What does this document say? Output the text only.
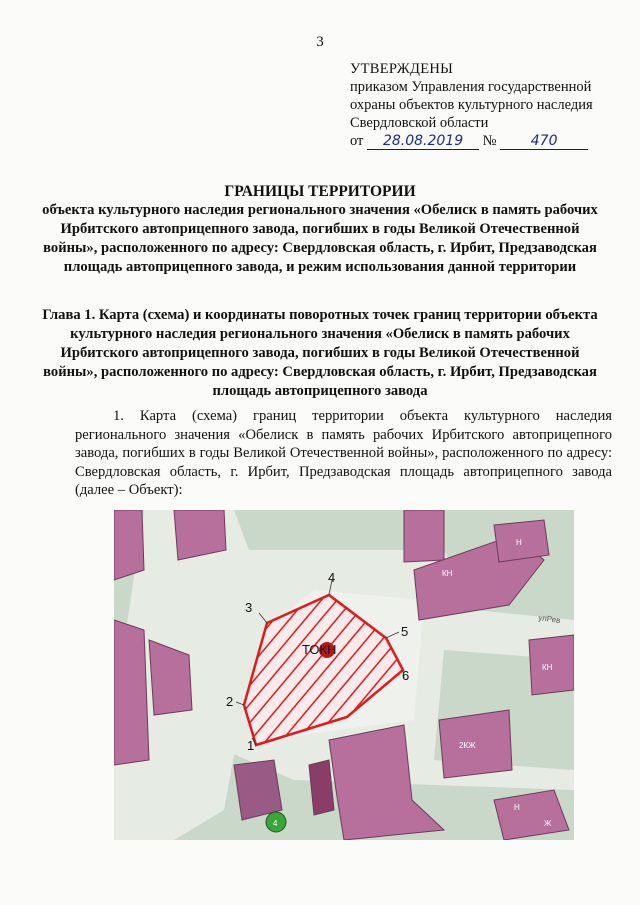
3
УТВЕРЖДЕНЫ
приказом Управления государственной
охраны объектов культурного наследия
Свердловской области
от 28.08.2019 № 470
ГРАНИЦЫ ТЕРРИТОРИИ
объекта культурного наследия регионального значения «Обелиск в память рабочих Ирбитского автоприцепного завода, погибших в годы Великой Отечественной войны», расположенного по адресу: Свердловская область, г. Ирбит, Предзаводская площадь автоприцепного завода, и режим использования данной территории
Глава 1. Карта (схема) и координаты поворотных точек границ территории объекта культурного наследия регионального значения «Обелиск в память рабочих Ирбитского автоприцепного завода, погибших в годы Великой Отечественной войны», расположенного по адресу: Свердловская область, г. Ирбит, Предзаводская площадь автоприцепного завода
1. Карта (схема) границ территории объекта культурного наследия регионального значения «Обелиск в память рабочих Ирбитского автоприцепного завода, погибших в годы Великой Отечественной войны», расположенного по адресу: Свердловская область, г. Ирбит, Предзаводская площадь автоприцепного завода (далее – Объект):
ТОКН
1
2
3
4
5
6
Н
КН
КН
2КЖ
Н
Ж
4
улРев
